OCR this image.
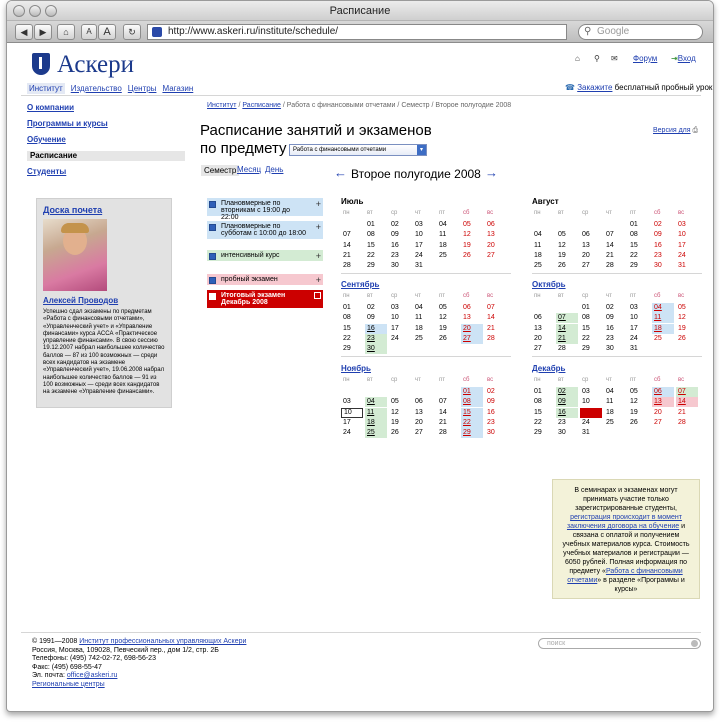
Расписание
◀	▶	⌂	A	A	↻	http://www.askeri.ru/institute/schedule/	⚲ Google
Аскери	⌂ ⚲ ✉ Форум ⇥Вход
Институт Издательство Центры Магазин	☎ Закажите бесплатный пробный урок
О компании
Программы и курсы
Обучение
Расписание
Студенты
Доска почета
Алексей Проводов
Успешно сдал экзамены по предметам «Работа с финансовыми отчетами», «Управленческий учет» и «Управление финансами» курса АССА «Практическое управление финансами». В свою сессию 19.12.2007 набрал наибольшее количество баллов — 87 из 100 возможных — среди всех кандидатов на экзамене «Управленческий учет», 19.06.2008 набрал наибольшее количество баллов — 91 из 100 возможных — среди всех кандидатов на экзамене «Управление финансами».
Институт / Расписание / Работа с финансовыми отчетами / Семестр / Второе полугодие 2008
Расписание занятий и экзаменов
по предмету	Работа с финансовыми отчетами	▾
Версия для ⎙
Семестр Месяц День	← Второе полугодие 2008 →
Плановмерные по вторникам с 19:00 до 22:00
+
Плановмерные по субботам с 10:00 до 18:00
+
интенсивный курс	+
пробный экзамен	+
Итоговый экзамен Декабрь 2008
Июль
пн	вт	ср	чт	пт	сб	вс
01	02	03	04	05	06
07	08	09	10	11	12	13
14	15	16	17	18	19	20
21	22	23	24	25	26	27
28	29	30	31
Август
пн	вт	ср	чт	пт	сб	вс
01	02	03
04	05	06	07	08	09	10
11	12	13	14	15	16	17
18	19	20	21	22	23	24
25	26	27	28	29	30	31
Сентябрь
пн	вт	ср	чт	пт	сб	вс
01	02	03	04	05	06	07
08	09	10	11	12	13	14
15	16	17	18	19	20	21
22	23	24	25	26	27	28
29	30
Октябрь
пн	вт	ср	чт	пт	сб	вс
01	02	03	04	05
06	07	08	09	10	11	12
13	14	15	16	17	18	19
20	21	22	23	24	25	26
27	28	29	30	31
Ноябрь
пн	вт	ср	чт	пт	сб	вс
01	02
03	04	05	06	07	08	09
10	11	12	13	14	15	16
17	18	19	20	21	22	23
24	25	26	27	28	29	30
Декабрь
пн	вт	ср	чт	пт	сб	вс
01	02	03	04	05	06	07
08	09	10	11	12	13	14
15	16	17	18	19	20	21
22	23	24	25	26	27	28
29	30	31
В семинарах и экзаменах могут принимать участие только зарегистрированные студенты, регистрация происходит в момент заключения договора на обучение и связана с оплатой и получением учебных материалов курса. Стоимость учебных материалов и регистрации — 6050 рублей. Полная информация по предмету «Работа с финансовыми отчетами» в разделе «Программы и курсы»
© 1991—2008 Институт профессиональных управляющих Аскери
Россия, Москва, 109028, Певческий пер., дом 1/2, стр. 2Б
Телефоны: (495) 742-02-72, 698-56-23
Факс: (495) 698-55-47
Эл. почта: office@askeri.ru
Региональные центры
поиск
